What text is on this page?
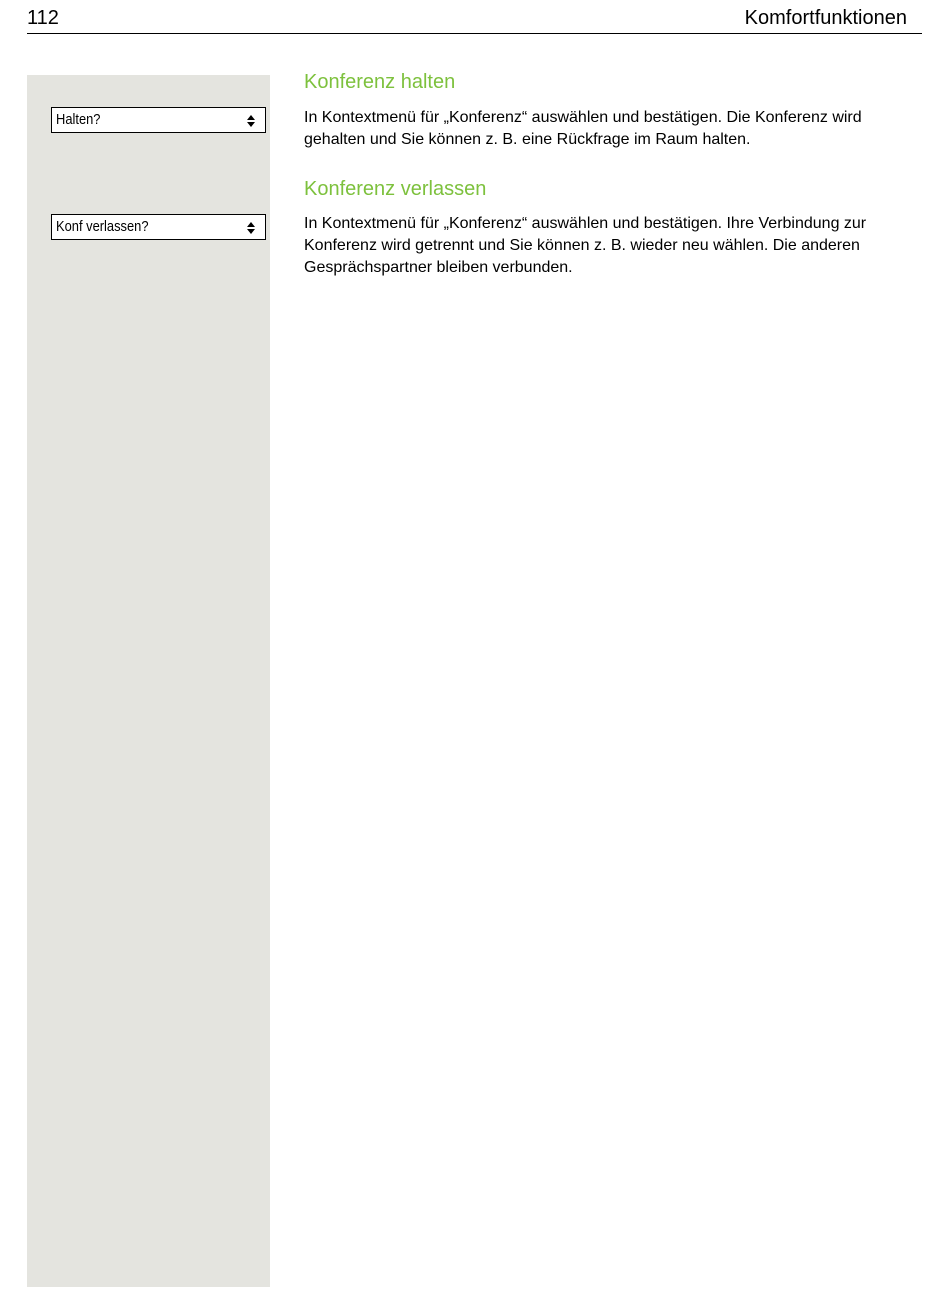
112	Komfortfunktionen
Halten?
Konf verlassen?
Konferenz halten

In Kontextmenü für „Konferenz“ auswählen und bestätigen. Die Konferenz wird gehalten und Sie können z. B. eine Rückfrage im Raum halten.

Konferenz verlassen

In Kontextmenü für „Konferenz“ auswählen und bestätigen. Ihre Verbindung zur Konferenz wird getrennt und Sie können z. B. wieder neu wählen. Die anderen Gesprächspartner bleiben verbunden.
